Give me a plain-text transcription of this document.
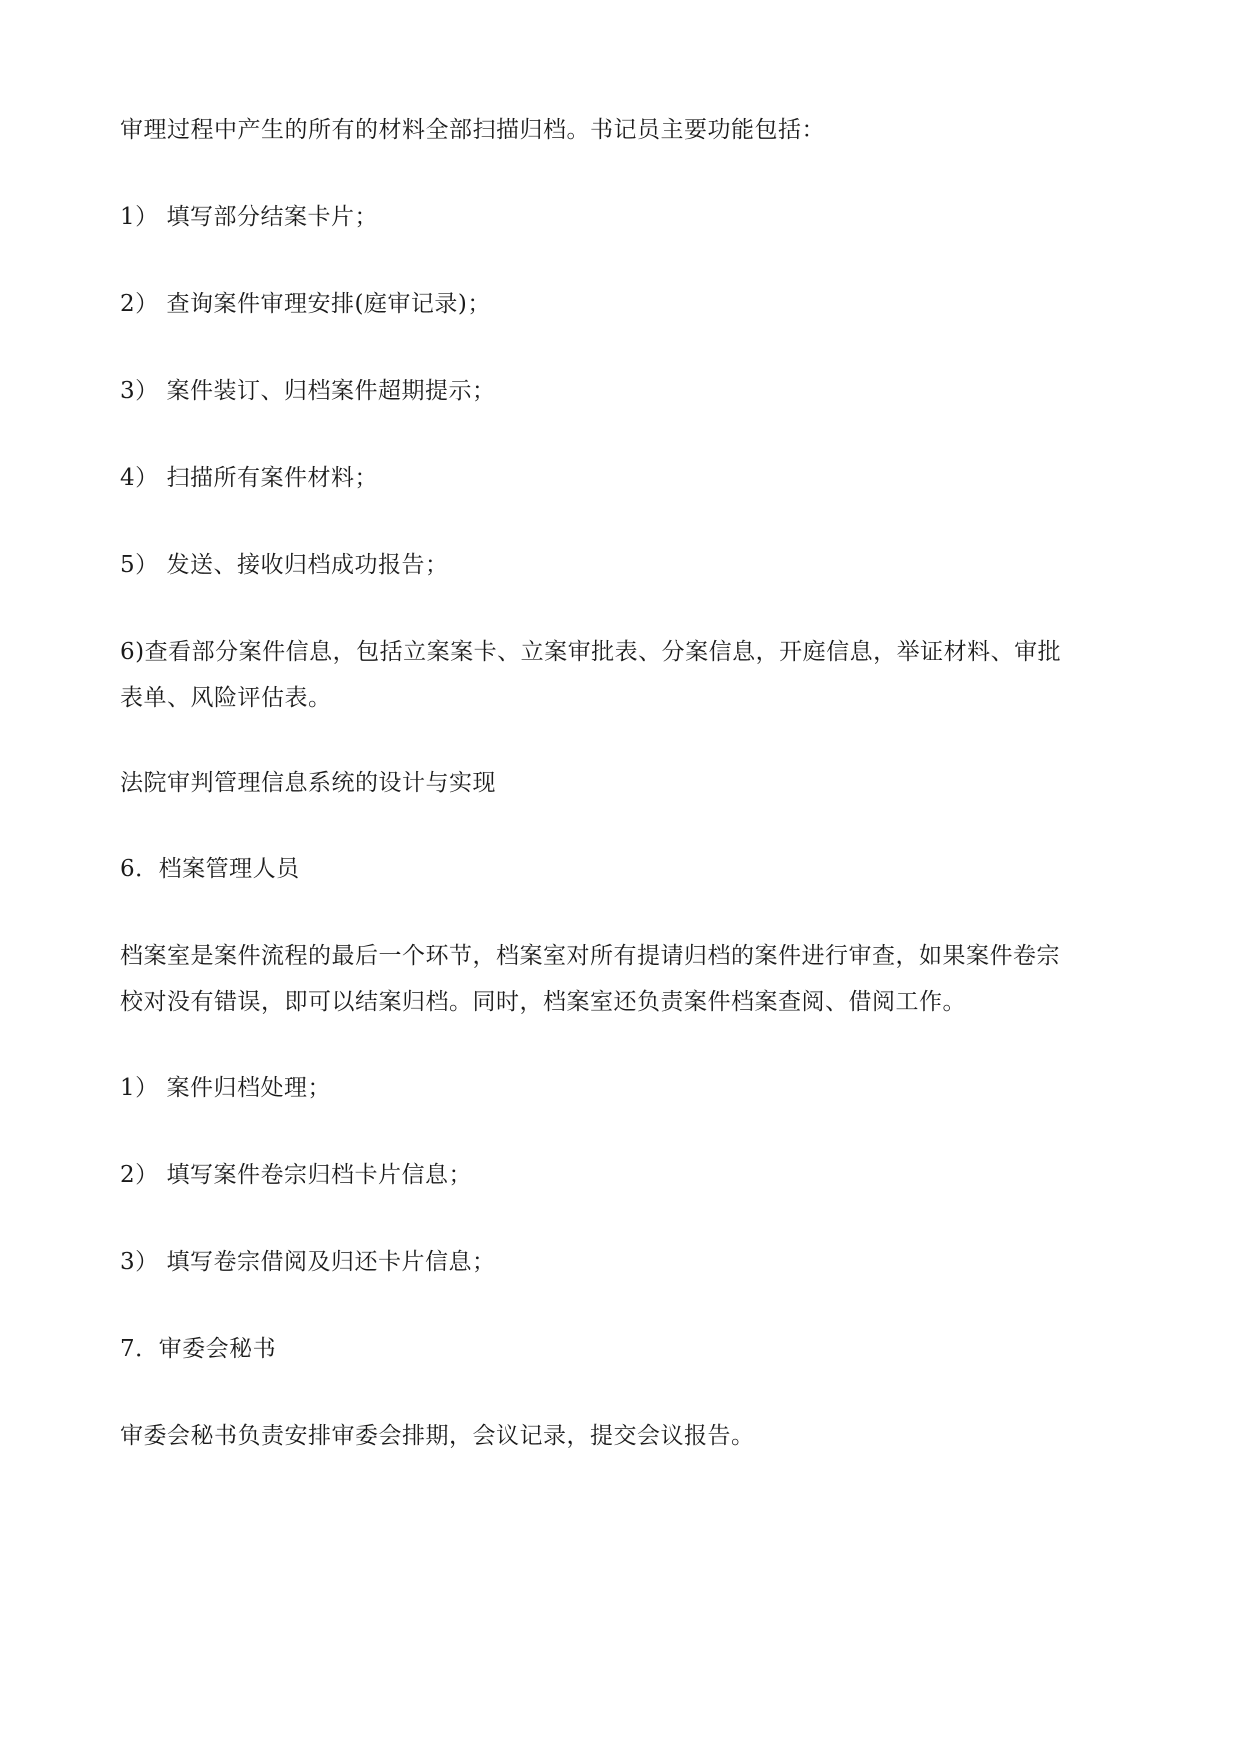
审理过程中产生的所有的材料全部扫描归档。书记员主要功能包括：
1） 填写部分结案卡片；
2） 查询案件审理安排(庭审记录)；
3） 案件装订、归档案件超期提示；
4） 扫描所有案件材料；
5） 发送、接收归档成功报告；
6)查看部分案件信息，包括立案案卡、立案审批表、分案信息，开庭信息，举证材料、审批
表单、风险评估表。
法院审判管理信息系统的设计与实现
6．档案管理人员
档案室是案件流程的最后一个环节，档案室对所有提请归档的案件进行审查，如果案件卷宗
校对没有错误，即可以结案归档。同时，档案室还负责案件档案查阅、借阅工作。
1） 案件归档处理；
2） 填写案件卷宗归档卡片信息；
3） 填写卷宗借阅及归还卡片信息；
7．审委会秘书
审委会秘书负责安排审委会排期，会议记录，提交会议报告。
